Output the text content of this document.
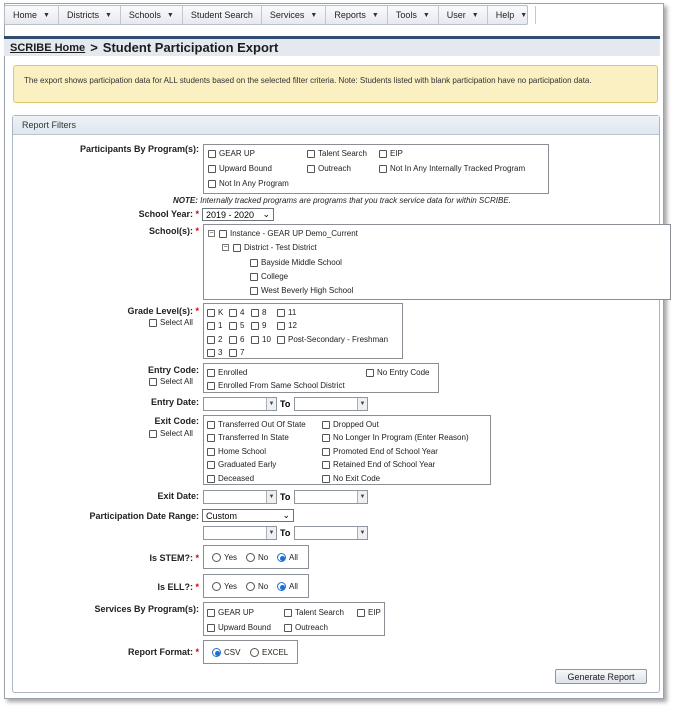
Home ▼ Districts ▼ Schools ▼ Student Search Services ▼ Reports ▼ Tools ▼ User ▼ Help ▼
SCRIBE Home > Student Participation Export
The export shows participation data for ALL students based on the selected filter criteria. Note: Students listed with blank participation have no participation data.
Report Filters
Participants By Program(s):	GEAR UP	Talent Search	EIP
Upward Bound	Outreach	Not In Any Internally Tracked Program
Not In Any Program
NOTE: Internally tracked programs are programs that you track service data for within SCRIBE.
School Year: * 2019 - 2020 ⌄
School(s): * − Instance - GEAR UP Demo_Current
− District - Test District
Bayside Middle School
College
West Beverly High School
Grade Level(s): *
Select All
K 4 8	11
1 5 9	12
2 6 10 Post-Secondary - Freshman
3 7
Entry Code:
Select All
Enrolled	No Entry Code
Enrolled From Same School District
Entry Date:	▼ To	▼
Exit Code:
Select All
Transferred Out Of State	Dropped Out
Transferred In State	No Longer In Program (Enter Reason)
Home School	Promoted End of School Year
Graduated Early	Retained End of School Year
Deceased	No Exit Code
Exit Date:	▼ To	▼
Participation Date Range: Custom	⌄
▼ To	▼
Is STEM?: *	Yes	No	All
Is ELL?: *	Yes	No	All
Services By Program(s): GEAR UP	Talent Search	EIP
Upward Bound	Outreach
Report Format: *	CSV	EXCEL
Generate Report
